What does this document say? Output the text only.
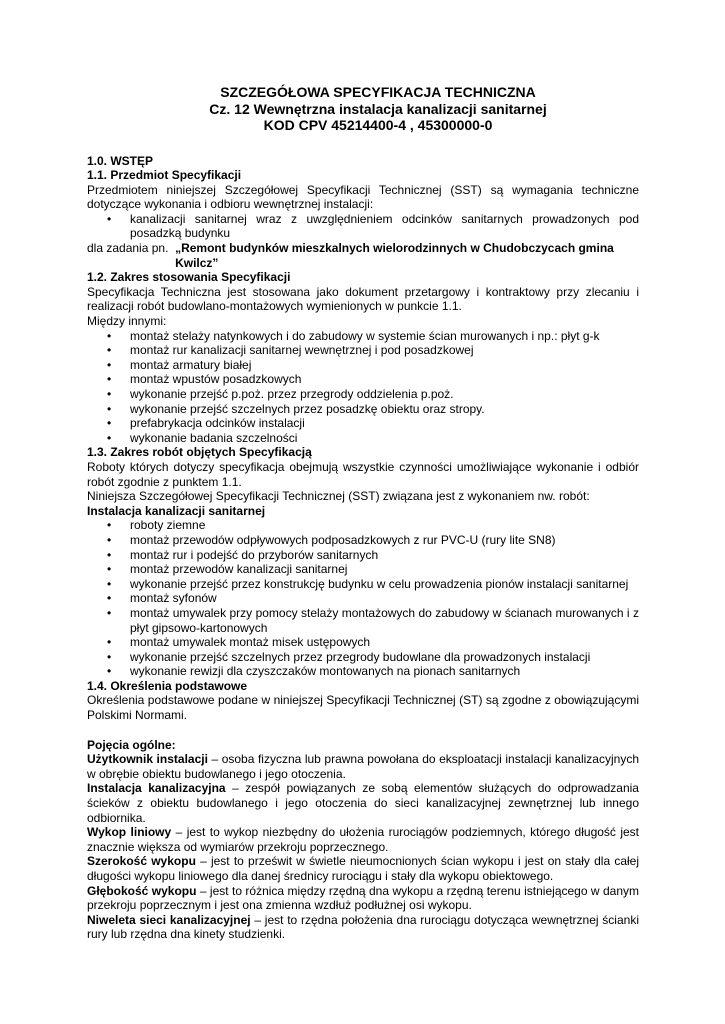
SZCZEGÓŁOWA SPECYFIKACJA TECHNICZNA
Cz. 12 Wewnętrzna instalacja kanalizacji sanitarnej
KOD CPV 45214400-4 , 45300000-0
1.0. WSTĘP
1.1. Przedmiot Specyfikacji

Przedmiotem niniejszej Szczegółowej Specyfikacji Technicznej (SST) są wymagania techniczne dotyczące wykonania i odbioru wewnętrznej instalacji:

• kanalizacji sanitarnej wraz z uwzględnieniem odcinków sanitarnych prowadzonych pod posadzką budynku
dla zadania pn. „Remont budynków mieszkalnych wielorodzinnych w Chudobczycach gmina Kwilcz”
1.2. Zakres stosowania Specyfikacji

Specyfikacja Techniczna jest stosowana jako dokument przetargowy i kontraktowy przy zlecaniu i realizacji robót budowlano-montażowych wymienionych w punkcie 1.1.

Między innymi:

• montaż stelaży natynkowych i do zabudowy w systemie ścian murowanych i np.: płyt g-k
• montaż rur kanalizacji sanitarnej wewnętrznej i pod posadzkowej
• montaż armatury białej
• montaż wpustów posadzkowych
• wykonanie przejść p.poż. przez przegrody oddzielenia p.poż.
• wykonanie przejść szczelnych przez posadzkę obiektu oraz stropy.
• prefabrykacja odcinków instalacji
• wykonanie badania szczelności
1.3. Zakres robót objętych Specyfikacją

Roboty których dotyczy specyfikacja obejmują wszystkie czynności umożliwiające wykonanie i odbiór robót zgodnie z punktem 1.1.

Niniejsza Szczegółowej Specyfikacji Technicznej (SST) związana jest z wykonaniem nw. robót:

Instalacja kanalizacji sanitarnej
• roboty ziemne
• montaż przewodów odpływowych podposadzkowych z rur PVC-U (rury lite SN8)
• montaż rur i podejść do przyborów sanitarnych
• montaż przewodów kanalizacji sanitarnej
• wykonanie przejść przez konstrukcję budynku w celu prowadzenia pionów instalacji sanitarnej
• montaż syfonów
• montaż umywalek przy pomocy stelaży montażowych do zabudowy w ścianach murowanych i z płyt gipsowo-kartonowych
• montaż umywalek montaż misek ustępowych
• wykonanie przejść szczelnych przez przegrody budowlane dla prowadzonych instalacji
• wykonanie rewizji dla czyszczaków montowanych na pionach sanitarnych
1.4. Określenia podstawowe

Określenia podstawowe podane w niniejszej Specyfikacji Technicznej (ST) są zgodne z obowiązującymi Polskimi Normami.

Pojęcia ogólne:

Użytkownik instalacji – osoba fizyczna lub prawna powołana do eksploatacji instalacji kanalizacyjnych w obrębie obiektu budowlanego i jego otoczenia.

Instalacja kanalizacyjna – zespół powiązanych ze sobą elementów służących do odprowadzania ścieków z obiektu budowlanego i jego otoczenia do sieci kanalizacyjnej zewnętrznej lub innego odbiornika.

Wykop liniowy – jest to wykop niezbędny do ułożenia rurociągów podziemnych, którego długość jest znacznie większa od wymiarów przekroju poprzecznego.

Szerokość wykopu – jest to prześwit w świetle nieumocnionych ścian wykopu i jest on stały dla całej długości wykopu liniowego dla danej średnicy rurociągu i stały dla wykopu obiektowego.

Głębokość wykopu – jest to różnica między rzędną dna wykopu a rzędną terenu istniejącego w danym przekroju poprzecznym i jest ona zmienna wzdłuż podłużnej osi wykopu.

Niweleta sieci kanalizacyjnej – jest to rzędna położenia dna rurociągu dotycząca wewnętrznej ścianki rury lub rzędna dna kinety studzienki.
